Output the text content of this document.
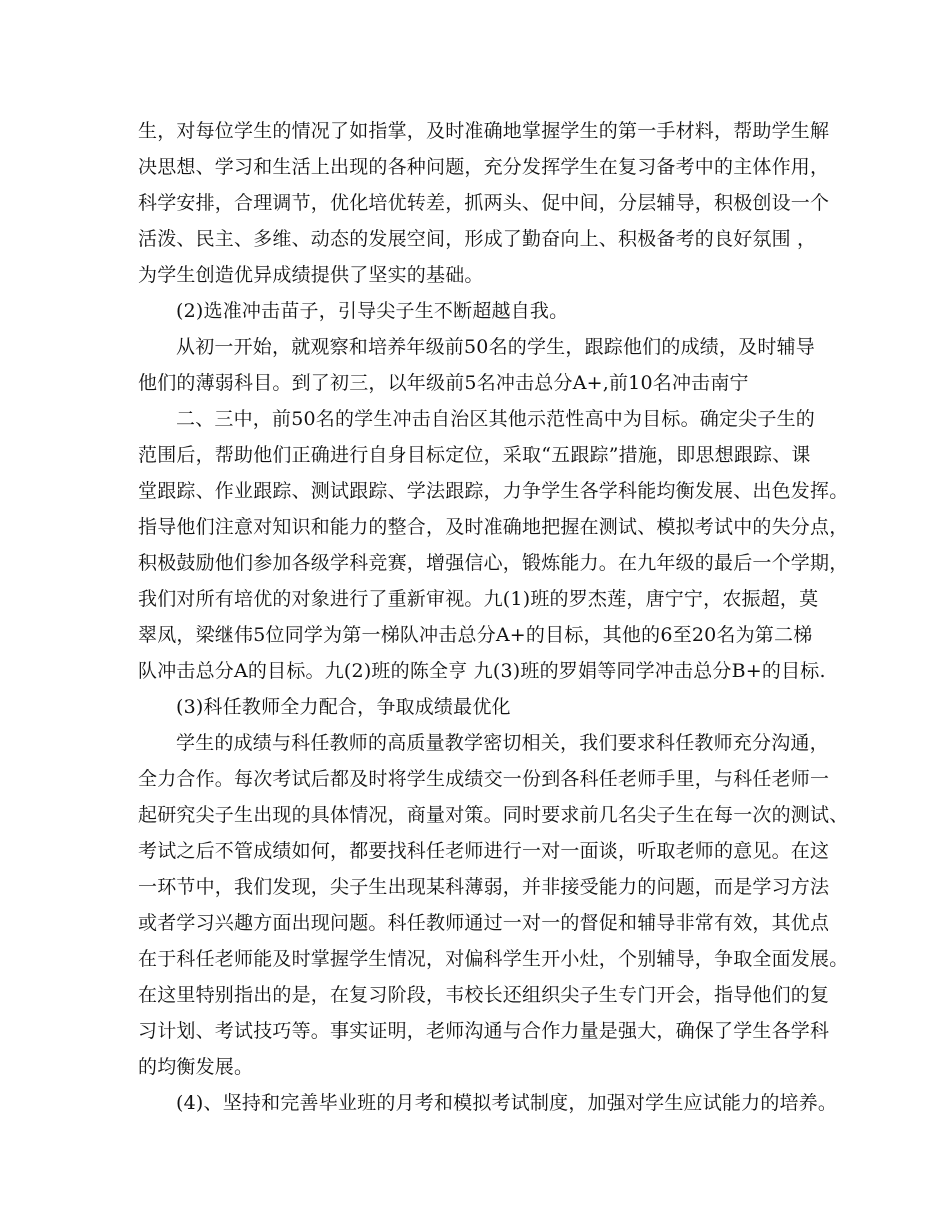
生，对每位学生的情况了如指掌，及时准确地掌握学生的第一手材料，帮助学生解
决思想、学习和生活上出现的各种问题，充分发挥学生在复习备考中的主体作用，
科学安排，合理调节，优化培优转差，抓两头、促中间，分层辅导，积极创设一个
活泼、民主、多维、动态的发展空间，形成了勤奋向上、积极备考的良好氛围 ，
为学生创造优异成绩提供了坚实的基础。
(2)选准冲击苗子，引导尖子生不断超越自我。
从初一开始，就观察和培养年级前50名的学生，跟踪他们的成绩，及时辅导
他们的薄弱科目。到了初三，以年级前5名冲击总分A+,前10名冲击南宁
二、三中，前50名的学生冲击自治区其他示范性高中为目标。确定尖子生的
范围后，帮助他们正确进行自身目标定位，采取“五跟踪”措施，即思想跟踪、课
堂跟踪、作业跟踪、测试跟踪、学法跟踪，力争学生各学科能均衡发展、出色发挥。
指导他们注意对知识和能力的整合，及时准确地把握在测试、模拟考试中的失分点，
积极鼓励他们参加各级学科竞赛，增强信心，锻炼能力。在九年级的最后一个学期，
我们对所有培优的对象进行了重新审视。九(1)班的罗杰莲，唐宁宁，农振超，莫
翠凤，梁继伟5位同学为第一梯队冲击总分A+的目标，其他的6至20名为第二梯
队冲击总分A的目标。九(2)班的陈全亨 九(3)班的罗娟等同学冲击总分B+的目标.
(3)科任教师全力配合，争取成绩最优化
学生的成绩与科任教师的高质量教学密切相关，我们要求科任教师充分沟通，
全力合作。每次考试后都及时将学生成绩交一份到各科任老师手里，与科任老师一
起研究尖子生出现的具体情况，商量对策。同时要求前几名尖子生在每一次的测试、
考试之后不管成绩如何，都要找科任老师进行一对一面谈，听取老师的意见。在这
一环节中，我们发现，尖子生出现某科薄弱，并非接受能力的问题，而是学习方法
或者学习兴趣方面出现问题。科任教师通过一对一的督促和辅导非常有效，其优点
在于科任老师能及时掌握学生情况，对偏科学生开小灶，个别辅导，争取全面发展。
在这里特别指出的是，在复习阶段，韦校长还组织尖子生专门开会，指导他们的复
习计划、考试技巧等。事实证明，老师沟通与合作力量是强大，确保了学生各学科
的均衡发展。
(4)、坚持和完善毕业班的月考和模拟考试制度，加强对学生应试能力的培养。
